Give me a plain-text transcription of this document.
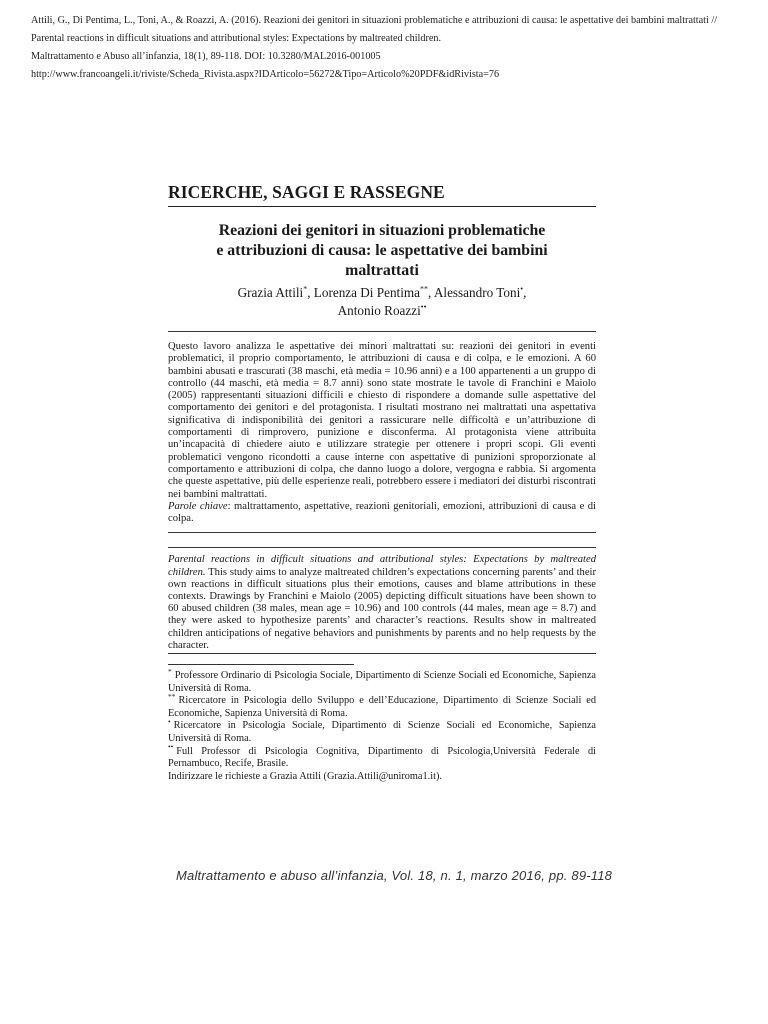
Attili, G., Di Pentima, L., Toni, A., & Roazzi, A. (2016). Reazioni dei genitori in situazioni problematiche e attribuzioni di causa: le aspettative dei bambini maltrattati //
Parental reactions in difficult situations and attributional styles: Expectations by maltreated children.
Maltrattamento e Abuso all’infanzia, 18(1), 89-118. DOI: 10.3280/MAL2016-001005
http://www.francoangeli.it/riviste/Scheda_Rivista.aspx?IDArticolo=56272&Tipo=Articolo%20PDF&idRivista=76
RICERCHE, SAGGI E RASSEGNE
Reazioni dei genitori in situazioni problematiche
e attribuzioni di causa: le aspettative dei bambini
maltrattati
Grazia Attili*, Lorenza Di Pentima**, Alessandro Toni•,
Antonio Roazzi••
Questo lavoro analizza le aspettative dei minori maltrattati su: reazioni dei genitori in eventi problematici, il proprio comportamento, le attribuzioni di causa e di colpa, e le emozioni. A 60 bambini abusati e trascurati (38 maschi, età media = 10.96 anni) e a 100 appartenenti a un gruppo di controllo (44 maschi, età media = 8.7 anni) sono state mostrate le tavole di Franchini e Maiolo (2005) rappresentanti situazioni difficili e chiesto di rispondere a domande sulle aspettative del comportamento dei genitori e del protagonista. I risultati mostrano nei maltrattati una aspettativa significativa di indisponibilità dei genitori a rassicurare nelle difficoltà e un’attribuzione di comportamenti di rimprovero, punizione e disconferma. Al protagonista viene attribuita un’incapacità di chiedere aiuto e utilizzare strategie per ottenere i propri scopi. Gli eventi problematici vengono ricondotti a cause interne con aspettative di punizioni sproporzionate al comportamento e attribuzioni di colpa, che danno luogo a dolore, vergogna e rabbia. Si argomenta che queste aspettative, più delle esperienze reali, potrebbero essere i mediatori dei disturbi riscontrati nei bambini maltrattati.
Parole chiave: maltrattamento, aspettative, reazioni genitoriali, emozioni, attribuzioni di causa e di colpa.
Parental reactions in difficult situations and attributional styles: Expectations by maltreated children. This study aims to analyze maltreated children’s expectations concerning parents’ and their own reactions in difficult situations plus their emotions, causes and blame attributions in these contexts. Drawings by Franchini e Maiolo (2005) depicting difficult situations have been shown to 60 abused children (38 males, mean age = 10.96) and 100 controls (44 males, mean age = 8.7) and they were asked to hypothesize parents’ and character’s reactions. Results show in maltreated children anticipations of negative behaviors and punishments by parents and no help requests by the character.
* Professore Ordinario di Psicologia Sociale, Dipartimento di Scienze Sociali ed Economiche, Sapienza Università di Roma.
** Ricercatore in Psicologia dello Sviluppo e dell’Educazione, Dipartimento di Scienze Sociali ed Economiche, Sapienza Università di Roma.
• Ricercatore in Psicologia Sociale, Dipartimento di Scienze Sociali ed Economiche, Sapienza Università di Roma.
•• Full Professor di Psicologia Cognitiva, Dipartimento di Psicologia,Università Federale di Pernambuco, Recife, Brasile.
Indirizzare le richieste a Grazia Attili (Grazia.Attili@uniroma1.it).
Maltrattamento e abuso all’infanzia, Vol. 18, n. 1, marzo 2016, pp. 89-118
